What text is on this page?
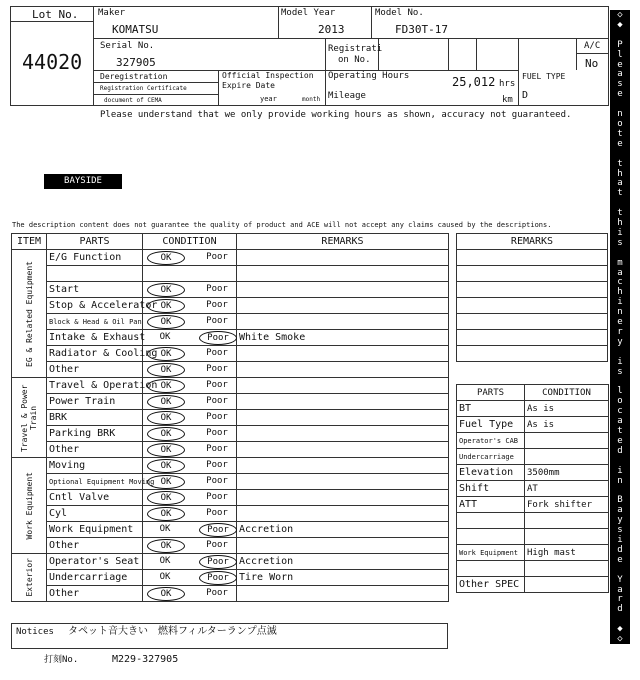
Lot No.
44020
Maker
KOMATSU
Model Year
2013
Model No.
FD30T-17
Serial No.
327905
Registrati
on No.
A/C
No
Deregistration
Registration Certificate
document of CEMA
Official Inspection
Expire Date
year	month
Operating Hours	25,012 hrs
Mileage	km
FUEL TYPE
D
Please understand that we only provide working hours as shown, accuracy not guaranteed.
BAYSIDE
The description content does not guarantee the quality of product and ACE will not accept any claims caused by the descriptions.
ITEM	PARTS	CONDITION	REMARKS

EG & Related Equipment	E/G Function	OK Poor	

	Start	OK Poor	

	Stop & Accelerator	OK Poor	

	Block & Head & Oil Pan	OK Poor	

	Intake & Exhaust	OK Poor	White Smoke
	Radiator & Cooling	OK Poor	

	Other	OK Poor	

Travel & Power Train	Travel & Operation	OK Poor	

	Power Train	OK Poor	

	BRK	OK Poor	

	Parking BRK	OK Poor	

	Other	OK Poor	

Work Equipment	Moving	OK Poor	

	Optional Equipment Moving	OK Poor	

	Cntl Valve	OK Poor	

	Cyl	OK Poor	

	Work Equipment	OK Poor	Accretion
	Other	OK Poor	

Exterior	Operator's Seat	OK Poor	Accretion
	Undercarriage	OK Poor	Tire Worn
	Other	OK Poor	

Notices タペット音大きい　燃料フィルターランプ点滅
打刻No.	M229-327905
REMARKS

PARTS	CONDITION
BT	As is
Fuel Type	As is
Operator's CAB	
Undercarriage	
Elevation	3500mm
Shift	AT
ATT	Fork shifter

Work Equipment	High mast

Other SPEC	
◇
◆

P
l
e
a
s
e

n
o
t
e

t
h
a
t

t
h
i
s

m
a
c
h
i
n
e
r
y

i
s

l
o
c
a
t
e
d

i
n

B
a
y
s
i
d
e

Y
a
r
d

◆
◇
